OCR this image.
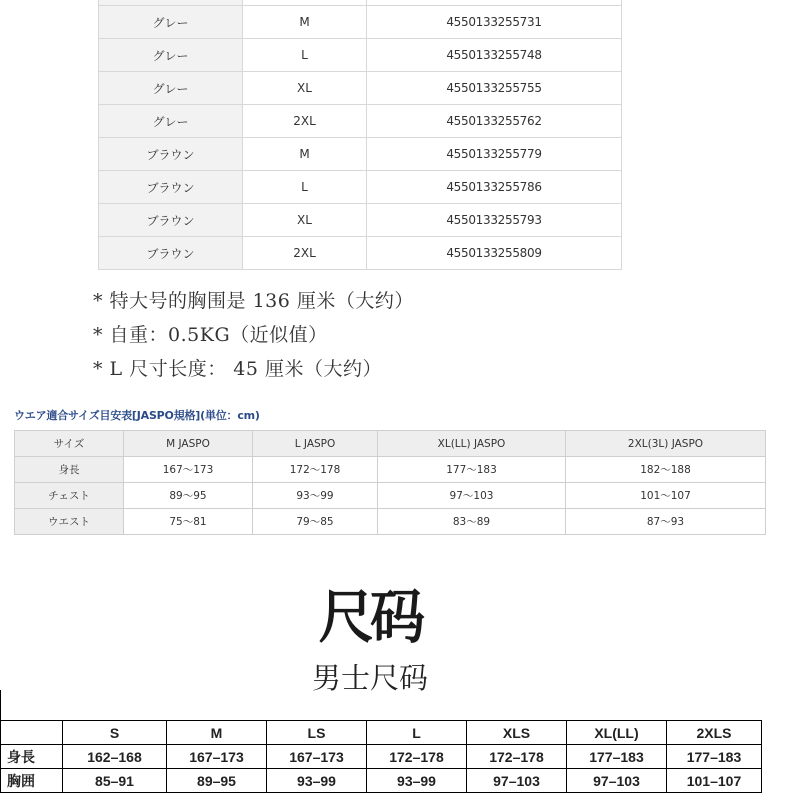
グレー	M	4550133255731
グレー	L	4550133255748
グレー	XL	4550133255755
グレー	2XL	4550133255762
ブラウン	M	4550133255779
ブラウン	L	4550133255786
ブラウン	XL	4550133255793
ブラウン	2XL	4550133255809
* 特大号的胸围是 136 厘米（大约）
* 自重：0.5KG（近似值）
* L 尺寸长度： 45 厘米（大约）
ウエア適合サイズ目安表[JASPO規格](単位：cm)
サイズ	M JASPO	L JASPO	XL(LL) JASPO	2XL(3L) JASPO
身長	167〜173	172〜178	177〜183	182〜188
チェスト	89〜95	93〜99	97〜103	101〜107
ウエスト	75〜81	79〜85	83〜89	87〜93
尺码
男士尺码
	S	M	LS	L	XLS	XL(LL)	2XLS
身長	162–168	167–173	167–173	172–178	172–178	177–183	177–183
胸囲	85–91	89–95	93–99	93–99	97–103	97–103	101–107
